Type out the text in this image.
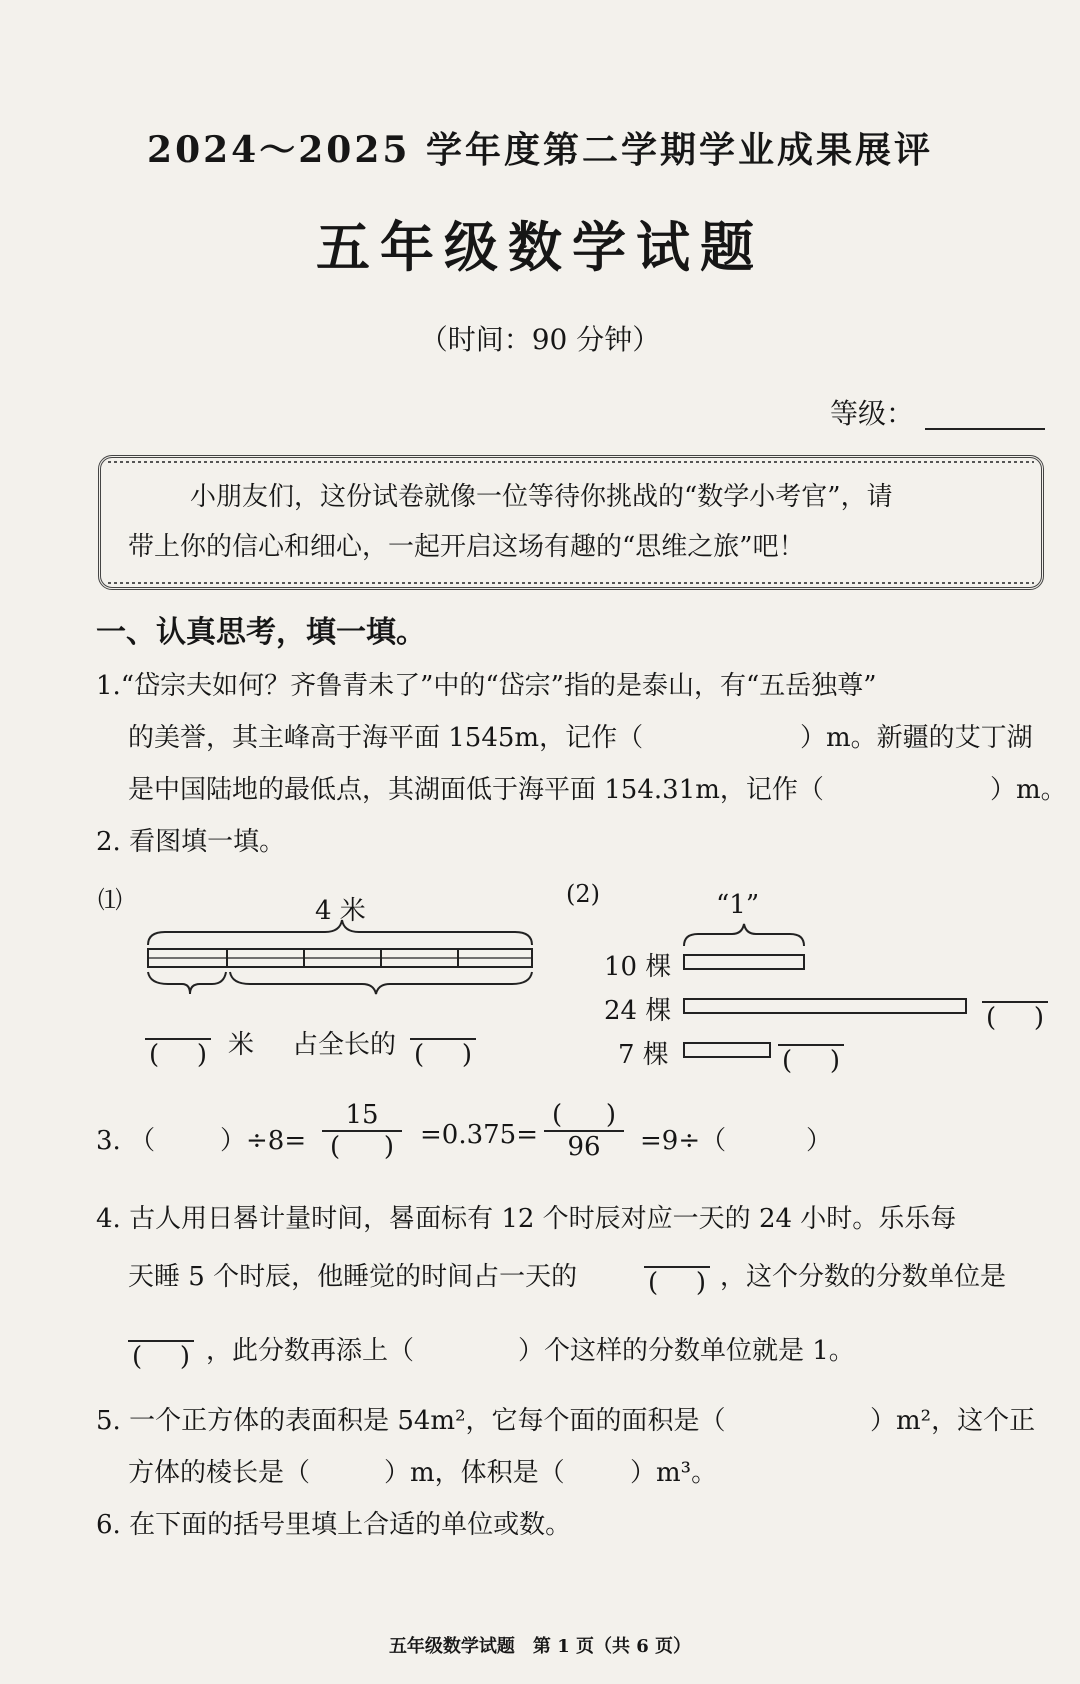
2024～2025 学年度第二学期学业成果展评
五年级数学试题
（时间：90 分钟）
等级：
小朋友们，这份试卷就像一位等待你挑战的“数学小考官”，请
带上你的信心和细心，一起开启这场有趣的“思维之旅”吧！
一、认真思考，填一填。
1.“岱宗夫如何？齐鲁青未了”中的“岱宗”指的是泰山，有“五岳独尊”
的美誉，其主峰高于海平面 1545m，记作（	）m。新疆的艾丁湖
是中国陆地的最低点，其湖面低于海平面 154.31m，记作（	）m。
2. 看图填一填。
⑴	4 米
( ) 米 占全长的 ( )
(2)	“1”
10 棵
24 棵
7 棵
( )
( )
3. （ ）÷8=
15
( ) =0.375=
( )
96	=9÷（	）
4. 古人用日晷计量时间，晷面标有 12 个时辰对应一天的 24 小时。乐乐每
天睡 5 个时辰，他睡觉的时间占一天的	( ) ，这个分数的分数单位是
( ) ，此分数再添上（	）个这样的分数单位就是 1。
5. 一个正方体的表面积是 54m²，它每个面的面积是（	）m²，这个正
方体的棱长是（	）m，体积是（	）m³。
6. 在下面的括号里填上合适的单位或数。
五年级数学试题　第 1 页（共 6 页）
